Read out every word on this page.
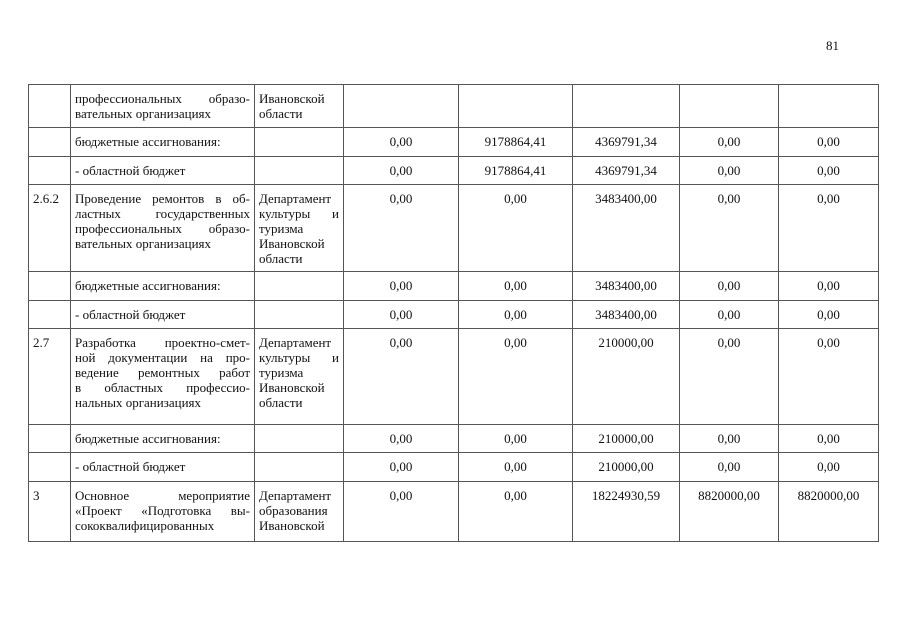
81

	профессиональных образо-
вательных организациях	Ивановской
области					

	бюджетные ассигнования:		0,00	9178864,41	4369791,34	0,00	0,00

	- областной бюджет		0,00	9178864,41	4369791,34	0,00	0,00
2.6.2	Проведение ремонтов в об-
ластных государственных
профессиональных образо-
вательных организациях	Департамент
культуры и
туризма
Ивановской
области	0,00	0,00	3483400,00	0,00	0,00

	бюджетные ассигнования:		0,00	0,00	3483400,00	0,00	0,00

	- областной бюджет		0,00	0,00	3483400,00	0,00	0,00
2.7	Разработка проектно-смет-
ной документации на про-
ведение ремонтных работ
в областных профессио-
нальных организациях	Департамент
культуры и
туризма
Ивановской
области	0,00	0,00	210000,00	0,00	0,00

	бюджетные ассигнования:		0,00	0,00	210000,00	0,00	0,00

	- областной бюджет		0,00	0,00	210000,00	0,00	0,00
3	Основное мероприятие
«Проект «Подготовка вы-
сококвалифицированных	Департамент
образования
Ивановской	0,00	0,00	18224930,59	8820000,00	8820000,00
